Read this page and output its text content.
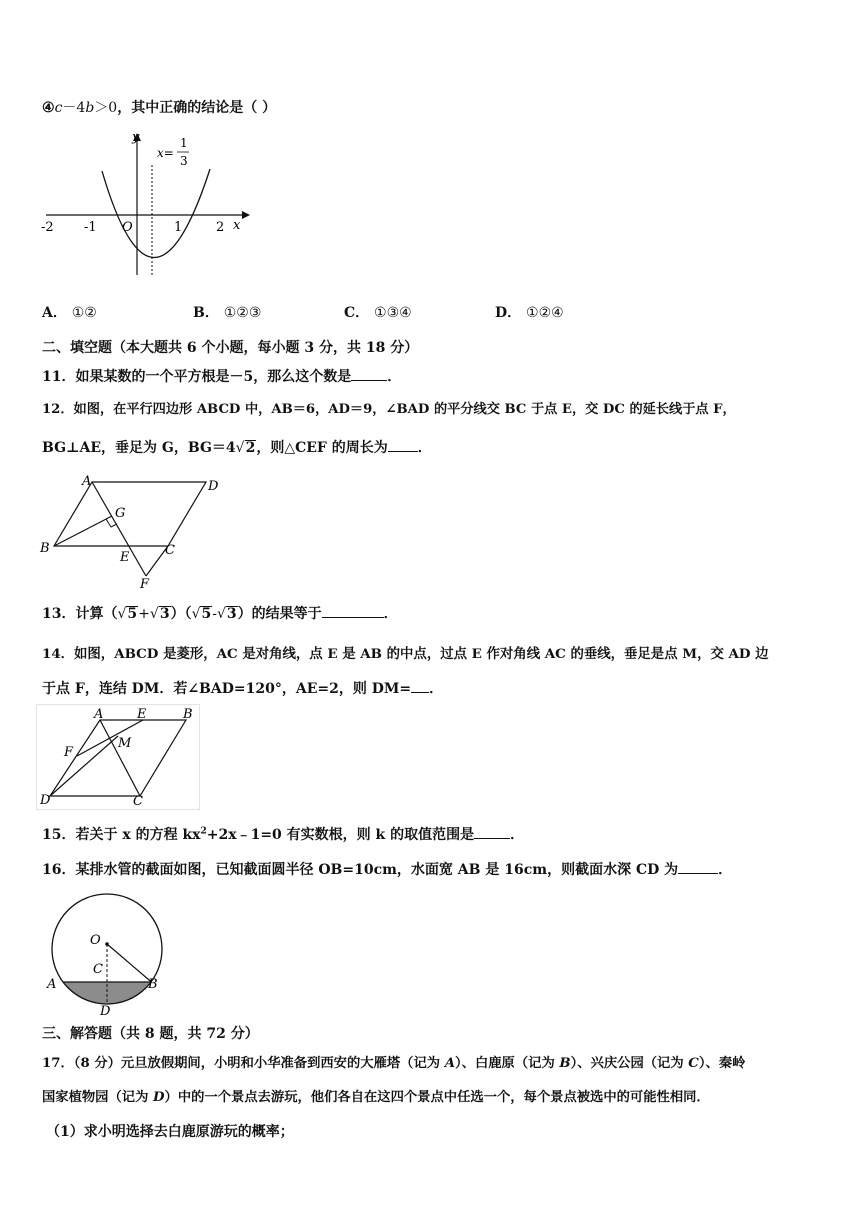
④c－4b＞0，其中正确的结论是（ ）
y
x
-2 -1 O	1	2
x=
1
3
A． ①②	B． ①②③	C． ①③④	D． ①②④
二、填空题（本大题共 6 个小题，每小题 3 分，共 18 分）
11．如果某数的一个平方根是－5，那么这个数是	．
12．如图，在平行四边形 ABCD 中，AB＝6，AD＝9，∠BAD 的平分线交 BC 于点 E，交 DC 的延长线于点 F，
BG⊥AE，垂足为 G，BG＝4√2，则△CEF 的周长为 ．
A	D
G
B
E	C
F
13．计算（√5+√3）（√5-√3）的结果等于	．
14．如图，ABCD 是菱形，AC 是对角线，点 E 是 AB 的中点，过点 E 作对角线 AC 的垂线，垂足是点 M，交 AD 边
于点 F，连结 DM．若∠BAD=120°，AE=2，则 DM= ．
A	E	B
F
M
D	C
15．若关于 x 的方程 $kx^2+2x﹣1=0$ 有实数根，则 k 的取值范围是	．
16．某排水管的截面如图，已知截面圆半径 OB=10cm，水面宽 AB 是 16cm，则截面水深 CD 为	．
O
C
A	B
D
三、解答题（共 8 题，共 72 分）
17．（8 分）元旦放假期间，小明和小华准备到西安的大雁塔（记为 A）、白鹿原（记为 B）、兴庆公园（记为 C）、秦岭
国家植物园（记为 D）中的一个景点去游玩，他们各自在这四个景点中任选一个，每个景点被选中的可能性相同．
（1）求小明选择去白鹿原游玩的概率；
